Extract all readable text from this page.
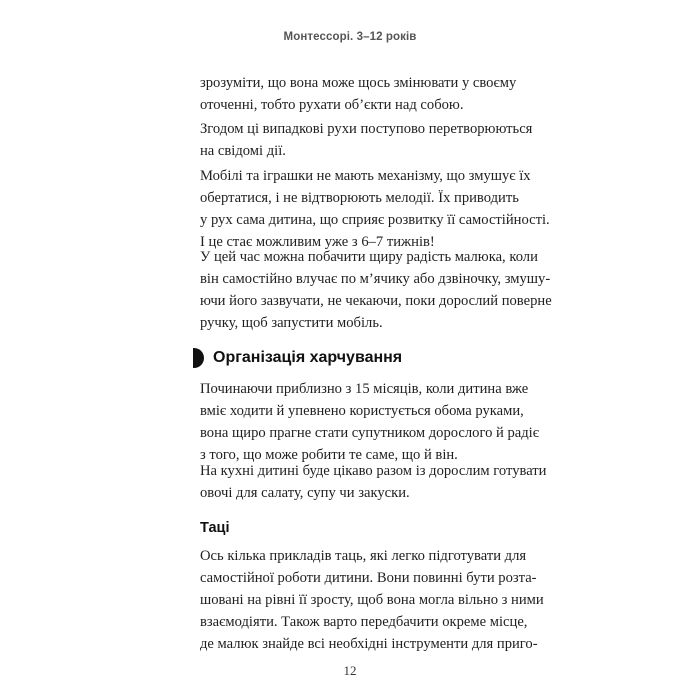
Монтессорі. 3–12 років
зрозуміти, що вона може щось змінювати у своєму
оточенні, тобто рухати об’єкти над собою.
Згодом ці випадкові рухи поступово перетворюються
на свідомі дії.
Мобілі та іграшки не мають механізму, що змушує їх
обертатися, і не відтворюють мелодії. Їх приводить
у рух сама дитина, що сприяє розвитку її самостійності.
І це стає можливим уже з 6–7 тижнів!
У цей час можна побачити щиру радість малюка, коли
він самостійно влучає по м’ячику або дзвіночку, змушу-
ючи його зазвучати, не чекаючи, поки дорослий поверне
ручку, щоб запустити мобіль.
Організація харчування
Починаючи приблизно з 15 місяців, коли дитина вже
вміє ходити й упевнено користується обома руками,
вона щиро прагне стати супутником дорослого й радіє
з того, що може робити те саме, що й він.
На кухні дитині буде цікаво разом із дорослим готувати
овочі для салату, супу чи закуски.
Таці
Ось кілька прикладів таць, які легко підготувати для
самостійної роботи дитини. Вони повинні бути розта-
шовані на рівні її зросту, щоб вона могла вільно з ними
взаємодіяти. Також варто передбачити окреме місце,
де малюк знайде всі необхідні інструменти для приго-
12
